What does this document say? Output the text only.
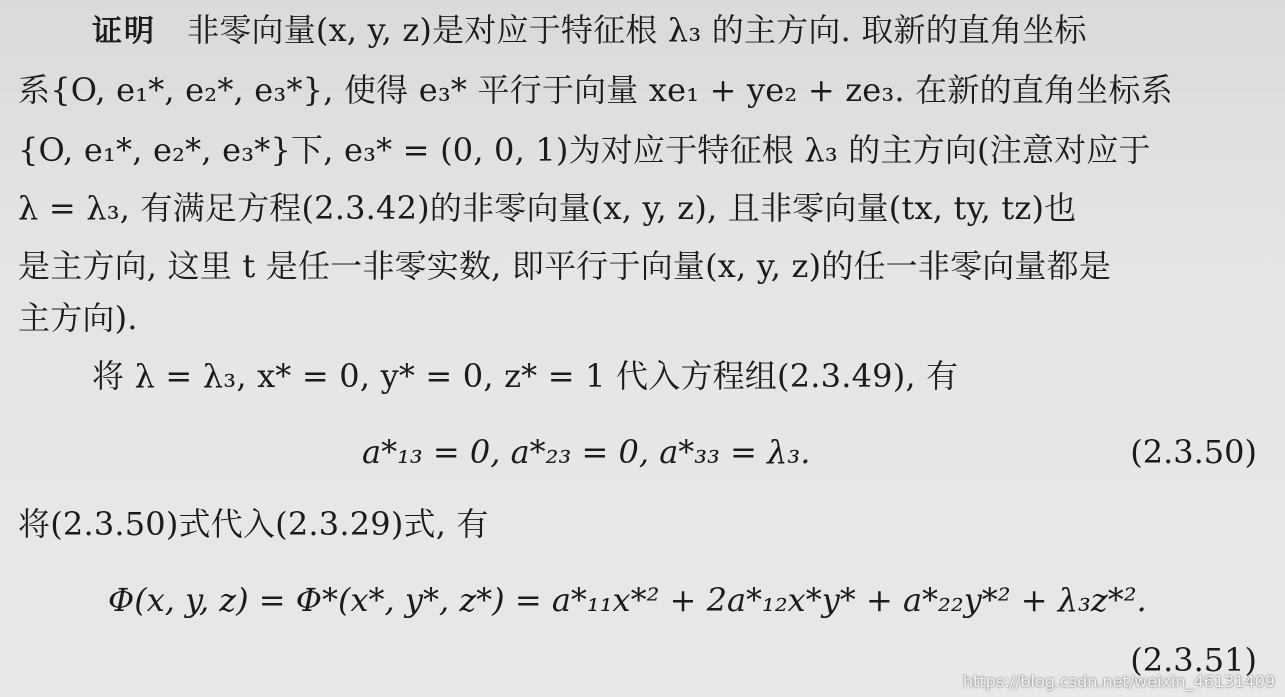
证明 非零向量(x, y, z)是对应于特征根 λ₃ 的主方向. 取新的直角坐标
系{O, e₁*, e₂*, e₃*}, 使得 e₃* 平行于向量 xe₁ + ye₂ + ze₃. 在新的直角坐标系
{O, e₁*, e₂*, e₃*}下, e₃* = (0, 0, 1)为对应于特征根 λ₃ 的主方向(注意对应于
λ = λ₃, 有满足方程(2.3.42)的非零向量(x, y, z), 且非零向量(tx, ty, tz)也
是主方向, 这里 t 是任一非零实数, 即平行于向量(x, y, z)的任一非零向量都是
主方向).
将 λ = λ₃, x* = 0, y* = 0, z* = 1 代入方程组(2.3.49), 有
a*₁₃ = 0, a*₂₃ = 0, a*₃₃ = λ₃.	(2.3.50)
将(2.3.50)式代入(2.3.29)式, 有
Φ(x, y, z) = Φ*(x*, y*, z*) = a*₁₁x*² + 2a*₁₂x*y* + a*₂₂y*² + λ₃z*².
(2.3.51)
https://blog.csdn.net/weixin_46131409
